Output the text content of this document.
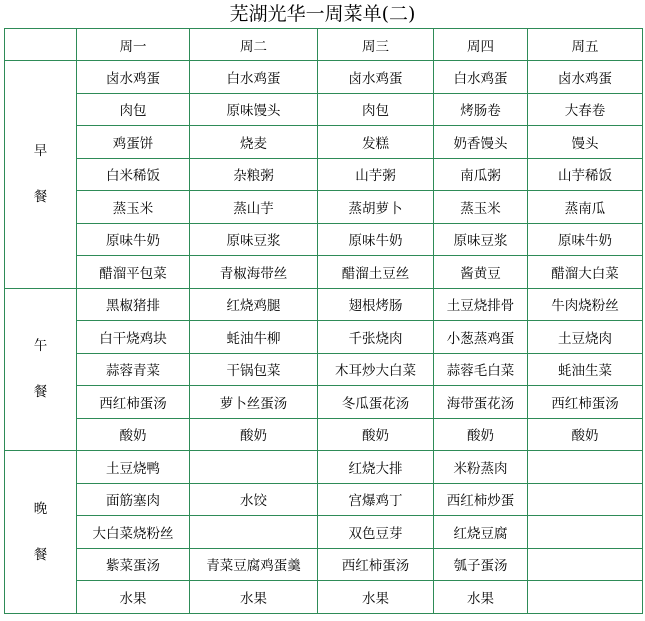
芜湖光华一周菜单(二)
	周一	周二	周三	周四	周五

早
餐	卤水鸡蛋	白水鸡蛋	卤水鸡蛋	白水鸡蛋	卤水鸡蛋
	肉包	原味馒头	肉包	烤肠卷	大春卷
	鸡蛋饼	烧麦	发糕	奶香馒头	馒头
	白米稀饭	杂粮粥	山芋粥	南瓜粥	山芋稀饭
	蒸玉米	蒸山芋	蒸胡萝卜	蒸玉米	蒸南瓜
	原味牛奶	原味豆浆	原味牛奶	原味豆浆	原味牛奶
	醋溜平包菜	青椒海带丝	醋溜土豆丝	酱黄豆	醋溜大白菜

午
餐	黑椒猪排	红烧鸡腿	翅根烤肠	土豆烧排骨	牛肉烧粉丝
	白干烧鸡块	蚝油牛柳	千张烧肉	小葱蒸鸡蛋	土豆烧肉
	蒜蓉青菜	干锅包菜	木耳炒大白菜	蒜蓉毛白菜	蚝油生菜
	西红柿蛋汤	萝卜丝蛋汤	冬瓜蛋花汤	海带蛋花汤	西红柿蛋汤
	酸奶	酸奶	酸奶	酸奶	酸奶

晚
餐	土豆烧鸭		红烧大排	米粉蒸肉	
	面筋塞肉	水饺	宫爆鸡丁	西红柿炒蛋	
	大白菜烧粉丝		双色豆芽	红烧豆腐	
	紫菜蛋汤	青菜豆腐鸡蛋羹	西红柿蛋汤	瓠子蛋汤	
	水果	水果	水果	水果	
